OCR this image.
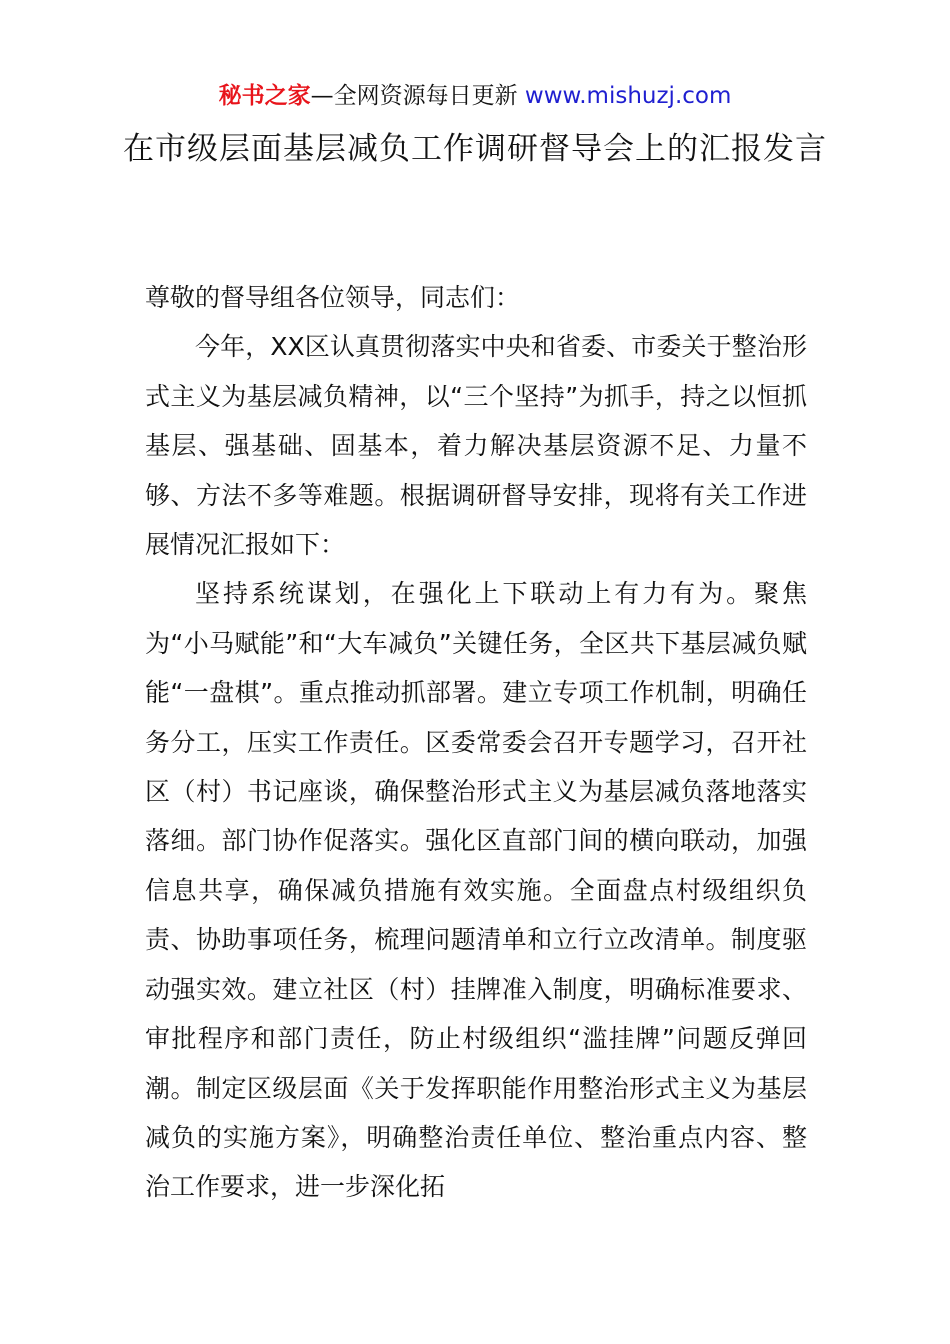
秘书之家—全网资源每日更新 www.mishuzj.com
在市级层面基层减负工作调研督导会上的汇报发言

尊敬的督导组各位领导，同志们：

今年，XX区认真贯彻落实中央和省委、市委关于整治形式主义为基层减负精神，以“三个坚持”为抓手，持之以恒抓基层、强基础、固基本，着力解决基层资源不足、力量不够、方法不多等难题。根据调研督导安排，现将有关工作进展情况汇报如下：

坚持系统谋划，在强化上下联动上有力有为。聚焦为“小马赋能”和“大车减负”关键任务，全区共下基层减负赋能“一盘棋”。重点推动抓部署。建立专项工作机制，明确任务分工，压实工作责任。区委常委会召开专题学习，召开社区（村）书记座谈，确保整治形式主义为基层减负落地落实落细。部门协作促落实。强化区直部门间的横向联动，加强信息共享，确保减负措施有效实施。全面盘点村级组织负责、协助事项任务，梳理问题清单和立行立改清单。制度驱动强实效。建立社区（村）挂牌准入制度，明确标准要求、审批程序和部门责任，防止村级组织“滥挂牌”问题反弹回潮。制定区级层面《关于发挥职能作用整治形式主义为基层减负的实施方案》，明确整治责任单位、整治重点内容、整治工作要求，进一步深化拓
